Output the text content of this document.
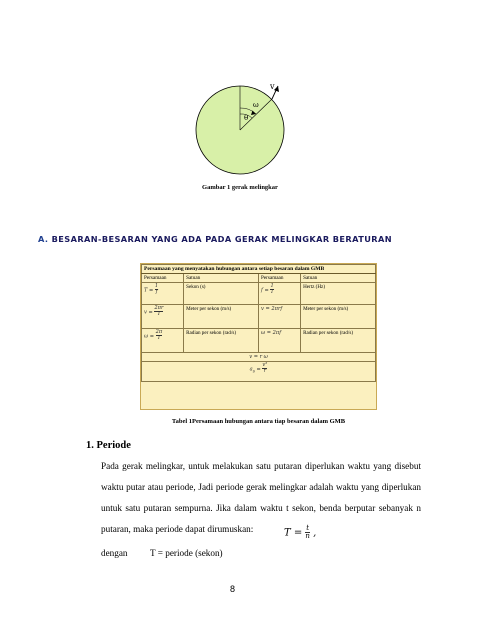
θ
ω
v
Gambar 1 gerak melingkar
A. BESARAN-BESARAN YANG ADA PADA GERAK MELINGKAR BERATURAN
Persamaan yang menyatakan hubungan antara setiap besaran dalam GMB			
Persamaan	Satuan	Persamaan	Satuan
$T = \frac{1}{f}$	Sekon (s)	$f = \frac{1}{T}$	Hertz (Hz)
$v = \frac{2\pi r}{T}$	Meter per sekon (m/s)	v = 2πrf	Meter per sekon (m/s)
$\omega = \frac{2\pi}{T}$	Radian per sekon (rad/s)	ω = 2πf	Radian per sekon (rad/s)
v = r ω			
$a_s = \frac{\text{v²}}{r}$
Tabel 1Persamaan hubungan antara tiap besaran dalam GMB
1. Periode
Pada gerak melingkar, untuk melakukan satu putaran diperlukan waktu yang disebut waktu putar atau periode, Jadi periode gerak melingkar adalah waktu yang diperlukan untuk satu putaran sempurna. Jika dalam waktu t sekon, benda berputar sebanyak n putaran, maka periode dapat dirumuskan:	$T = \frac{t}{n}$ ,
dengan T = periode (sekon)
8
